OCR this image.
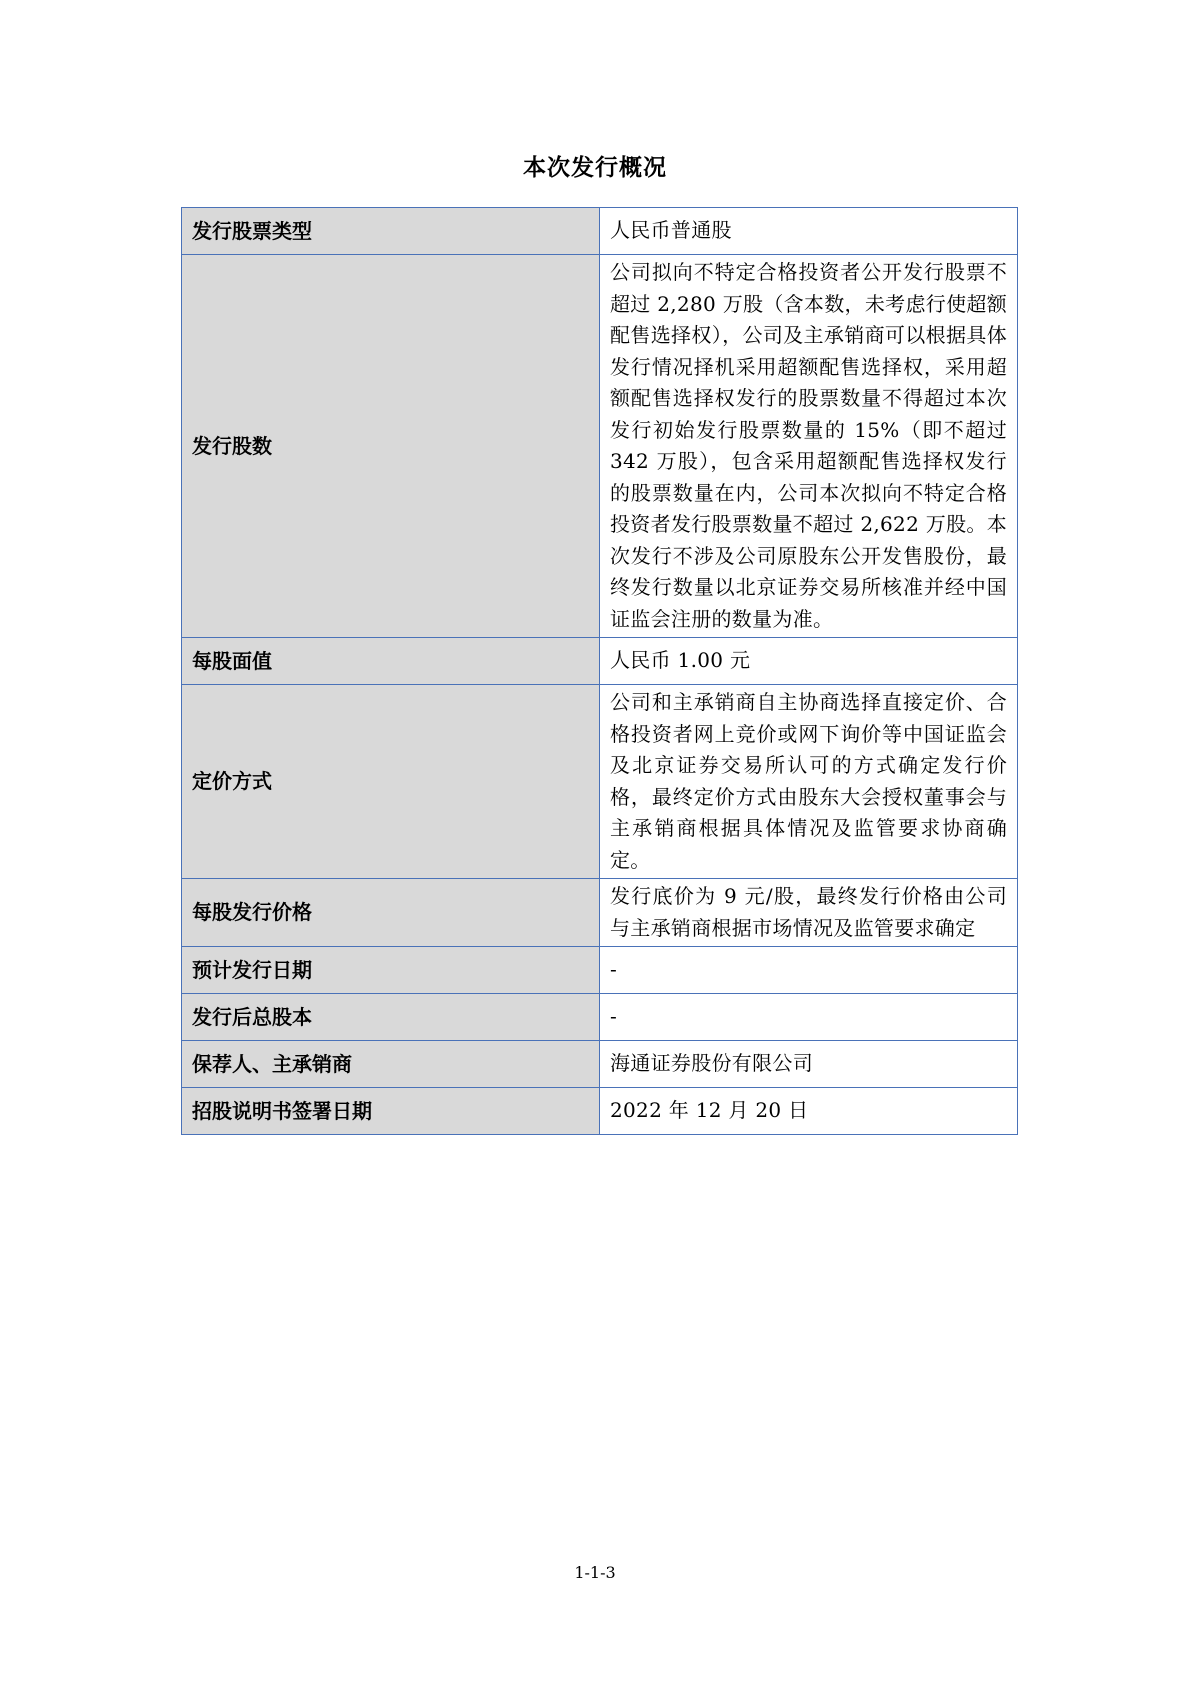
本次发行概况
发行股票类型	人民币普通股
发行股数	公司拟向不特定合格投资者公开发行股票不超过 2,280 万股（含本数，未考虑行使超额配售选择权），公司及主承销商可以根据具体发行情况择机采用超额配售选择权，采用超额配售选择权发行的股票数量不得超过本次发行初始发行股票数量的 15%（即不超过 342 万股），包含采用超额配售选择权发行的股票数量在内，公司本次拟向不特定合格投资者发行股票数量不超过 2,622 万股。本次发行不涉及公司原股东公开发售股份，最终发行数量以北京证券交易所核准并经中国证监会注册的数量为准。
每股面值	人民币 1.00 元
定价方式	公司和主承销商自主协商选择直接定价、合格投资者网上竞价或网下询价等中国证监会及北京证券交易所认可的方式确定发行价格，最终定价方式由股东大会授权董事会与主承销商根据具体情况及监管要求协商确定。
每股发行价格	发行底价为 9 元/股，最终发行价格由公司与主承销商根据市场情况及监管要求确定
预计发行日期	-
发行后总股本	-
保荐人、主承销商	海通证券股份有限公司
招股说明书签署日期	2022 年 12 月 20 日
1-1-3
